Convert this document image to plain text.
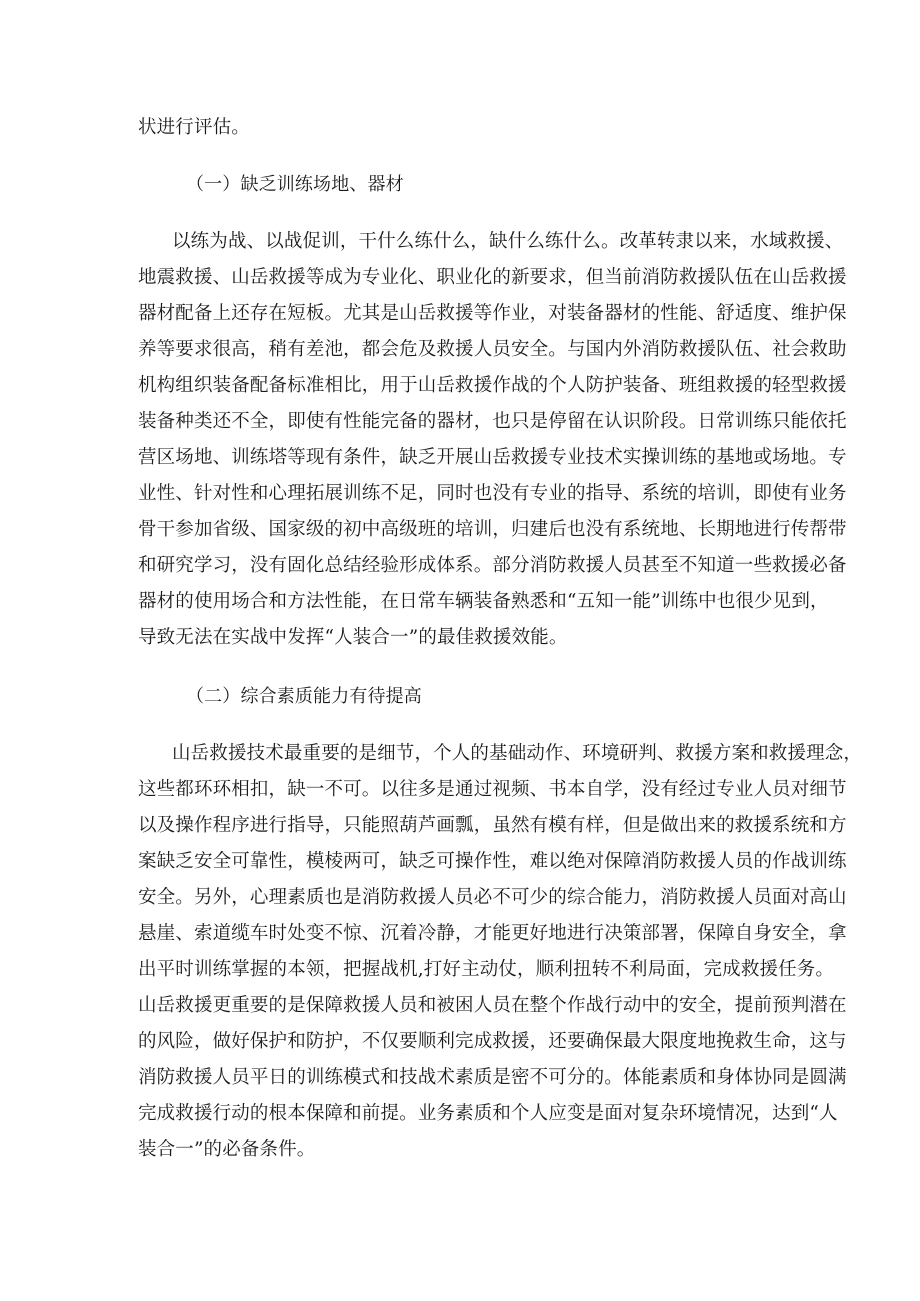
状进行评估。
（一）缺乏训练场地、器材
以练为战、以战促训，干什么练什么，缺什么练什么。改革转隶以来，水域救援、
地震救援、山岳救援等成为专业化、职业化的新要求，但当前消防救援队伍在山岳救援
器材配备上还存在短板。尤其是山岳救援等作业，对装备器材的性能、舒适度、维护保
养等要求很高，稍有差池，都会危及救援人员安全。与国内外消防救援队伍、社会救助
机构组织装备配备标准相比，用于山岳救援作战的个人防护装备、班组救援的轻型救援
装备种类还不全，即使有性能完备的器材，也只是停留在认识阶段。日常训练只能依托
营区场地、训练塔等现有条件，缺乏开展山岳救援专业技术实操训练的基地或场地。专
业性、针对性和心理拓展训练不足，同时也没有专业的指导、系统的培训，即使有业务
骨干参加省级、国家级的初中高级班的培训，归建后也没有系统地、长期地进行传帮带
和研究学习，没有固化总结经验形成体系。部分消防救援人员甚至不知道一些救援必备
器材的使用场合和方法性能，在日常车辆装备熟悉和“五知一能”训练中也很少见到，
导致无法在实战中发挥“人装合一”的最佳救援效能。
（二）综合素质能力有待提高
山岳救援技术最重要的是细节，个人的基础动作、环境研判、救援方案和救援理念，
这些都环环相扣，缺一不可。以往多是通过视频、书本自学，没有经过专业人员对细节
以及操作程序进行指导，只能照葫芦画瓢，虽然有模有样，但是做出来的救援系统和方
案缺乏安全可靠性，模棱两可，缺乏可操作性，难以绝对保障消防救援人员的作战训练
安全。另外，心理素质也是消防救援人员必不可少的综合能力，消防救援人员面对高山
悬崖、索道缆车时处变不惊、沉着冷静，才能更好地进行决策部署，保障自身安全，拿
出平时训练掌握的本领，把握战机,打好主动仗，顺利扭转不利局面，完成救援任务。
山岳救援更重要的是保障救援人员和被困人员在整个作战行动中的安全，提前预判潜在
的风险，做好保护和防护，不仅要顺利完成救援，还要确保最大限度地挽救生命，这与
消防救援人员平日的训练模式和技战术素质是密不可分的。体能素质和身体协同是圆满
完成救援行动的根本保障和前提。业务素质和个人应变是面对复杂环境情况，达到“人
装合一”的必备条件。
